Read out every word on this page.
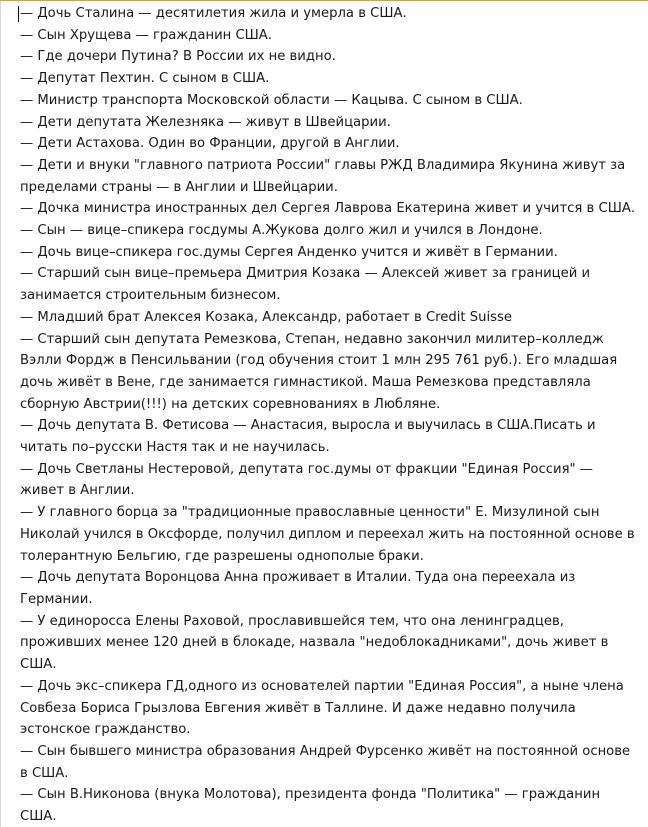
— Дочь Сталина — десятилетия жила и умерла в США.

— Сын Хрущева — гражданин США.

— Где дочери Путина? В России их не видно.

— Депутат Пехтин. С сыном в США.

— Министр транспорта Московской области — Кацыва. С сыном в США.

— Дети депутата Железняка — живут в Швейцарии.

— Дети Астахова. Один во Франции, другой в Англии.

— Дети и внуки "главного патриота России" главы РЖД Владимира Якунина живут за пределами страны — в Англии и Швейцарии.

— Дочка министра иностранных дел Сергея Лаврова Екатерина живет и учится в США.

— Сын — вице–спикера госдумы А.Жукова долго жил и учился в Лондоне.

— Дочь вице–спикера гос.думы Сергея Анденко учится и живёт в Германии.

— Старший сын вице–премьера Дмитрия Козака — Алексей живет за границей и занимается строительным бизнесом.

— Младший брат Алексея Козака, Александр, работает в Credit Suisse

— Старший сын депутата Ремезкова, Степан, недавно закончил милитер–колледж Вэлли Фордж в Пенсильвании (год обучения стоит 1 млн 295 761 руб.). Его младшая дочь живёт в Вене, где занимается гимнастикой. Маша Ремезкова представляла сборную Австрии(!!!) на детских соревнованиях в Любляне.

— Дочь депутата В. Фетисова — Анастасия, выросла и выучилась в США.Писать и читать по–русски Настя так и не научилась.

— Дочь Светланы Нестеровой, депутата гос.думы от фракции "Единая Россия" — живет в Англии.

— У главного борца за "традиционные православные ценности" Е. Мизулиной сын Николай учился в Оксфорде, получил диплом и переехал жить на постоянной основе в толерантную Бельгию, где разрешены однополые браки.

— Дочь депутата Воронцова Анна проживает в Италии. Туда она переехала из Германии.

— У единоросса Елены Раховой, прославившейся тем, что она ленинградцев, проживших менее 120 дней в блокаде, назвала "недоблокадниками", дочь живет в США.

— Дочь экс–спикера ГД,одного из основателей партии "Единая Россия", а ныне члена Совбеза Бориса Грызлова Евгения живёт в Таллине. И даже недавно получила эстонское гражданство.

— Сын бывшего министра образования Андрей Фурсенко живёт на постоянной основе в США.

— Сын В.Никонова (внука Молотова), президента фонда "Политика" — гражданин США.
